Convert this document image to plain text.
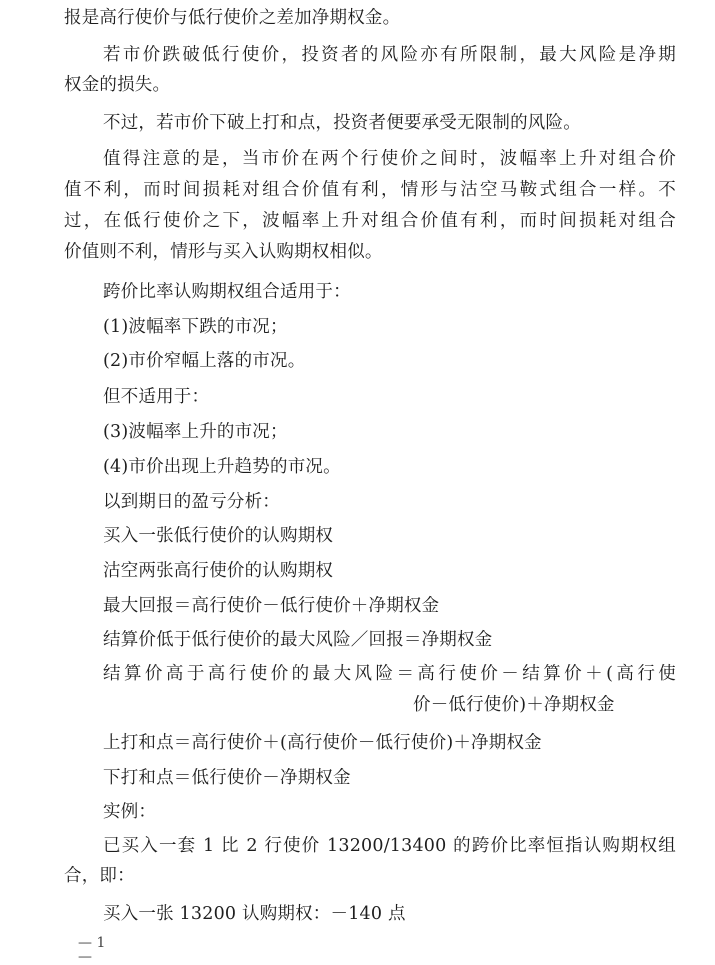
报是高行使价与低行使价之差加净期权金。
若市价跌破低行使价，投资者的风险亦有所限制，最大风险是净期
权金的损失。
不过，若市价下破上打和点，投资者便要承受无限制的风险。
值得注意的是，当市价在两个行使价之间时，波幅率上升对组合价
值不利，而时间损耗对组合价值有利，情形与沽空马鞍式组合一样。不
过，在低行使价之下，波幅率上升对组合价值有利，而时间损耗对组合
价值则不利，情形与买入认购期权相似。
跨价比率认购期权组合适用于：
(1)波幅率下跌的市况；
(2)市价窄幅上落的市况。
但不适用于：
(3)波幅率上升的市况；
(4)市价出现上升趋势的市况。
以到期日的盈亏分析：
买入一张低行使价的认购期权
沽空两张高行使价的认购期权
最大回报＝高行使价－低行使价＋净期权金
结算价低于低行使价的最大风险／回报＝净期权金
结算价高于高行使价的最大风险＝高行使价－结算价＋(高行使
价－低行使价)＋净期权金
上打和点＝高行使价＋(高行使价－低行使价)＋净期权金
下打和点＝低行使价－净期权金
实例：
已买入一套 1 比 2 行使价 13200/13400 的跨价比率恒指认购期权组
合，即：
买入一张 13200 认购期权：－140 点
— 1 —
